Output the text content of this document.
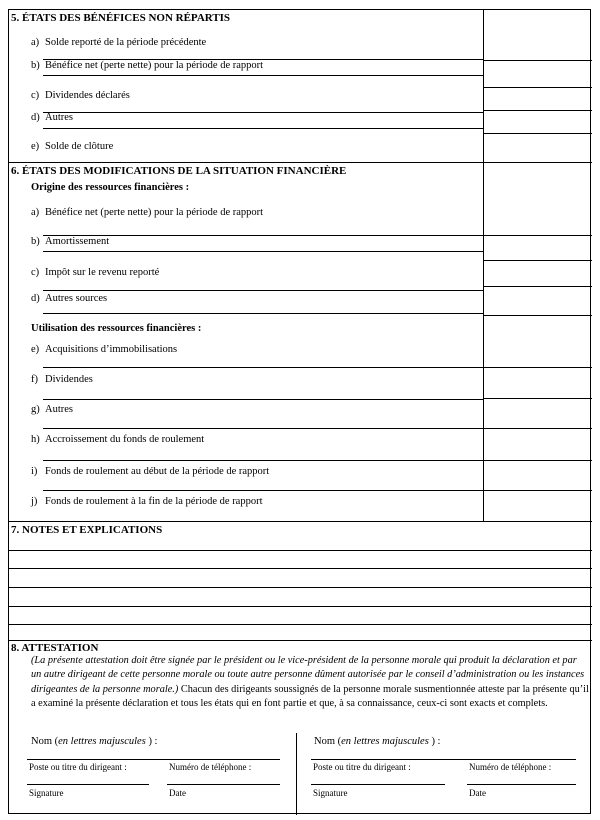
5. ÉTATS DES BÉNÉFICES NON RÉPARTIS
a) Solde reporté de la période précédente
b) Bénéfice net (perte nette) pour la période de rapport
c) Dividendes déclarés
d) Autres
e) Solde de clôture
6. ÉTATS DES MODIFICATIONS DE LA SITUATION FINANCIÈRE
Origine des ressources financières :
a) Bénéfice net (perte nette) pour la période de rapport
b) Amortissement
c) Impôt sur le revenu reporté
d) Autres sources
Utilisation des ressources financières :
e) Acquisitions d’immobilisations
f) Dividendes
g) Autres
h) Accroissement du fonds de roulement
i) Fonds de roulement au début de la période de rapport
j) Fonds de roulement à la fin de la période de rapport
7. NOTES ET EXPLICATIONS
8. ATTESTATION
(La présente attestation doit être signée par le président ou le vice-président de la personne morale qui produit la déclaration et par un autre dirigeant de cette personne morale ou toute autre personne dûment autorisée par le conseil d’administration ou les instances dirigeantes de la personne morale.) Chacun des dirigeants soussignés de la personne morale susmentionnée atteste par la présente qu’il a examiné la présente déclaration et tous les états qui en font partie et que, à sa connaissance, ceux-ci sont exacts et complets.
Nom (en lettres majuscules ) :
Poste ou titre du dirigeant :	Numéro de téléphone :
Signature	Date
Nom (en lettres majuscules ) :
Poste ou titre du dirigeant :	Numéro de téléphone :
Signature	Date
